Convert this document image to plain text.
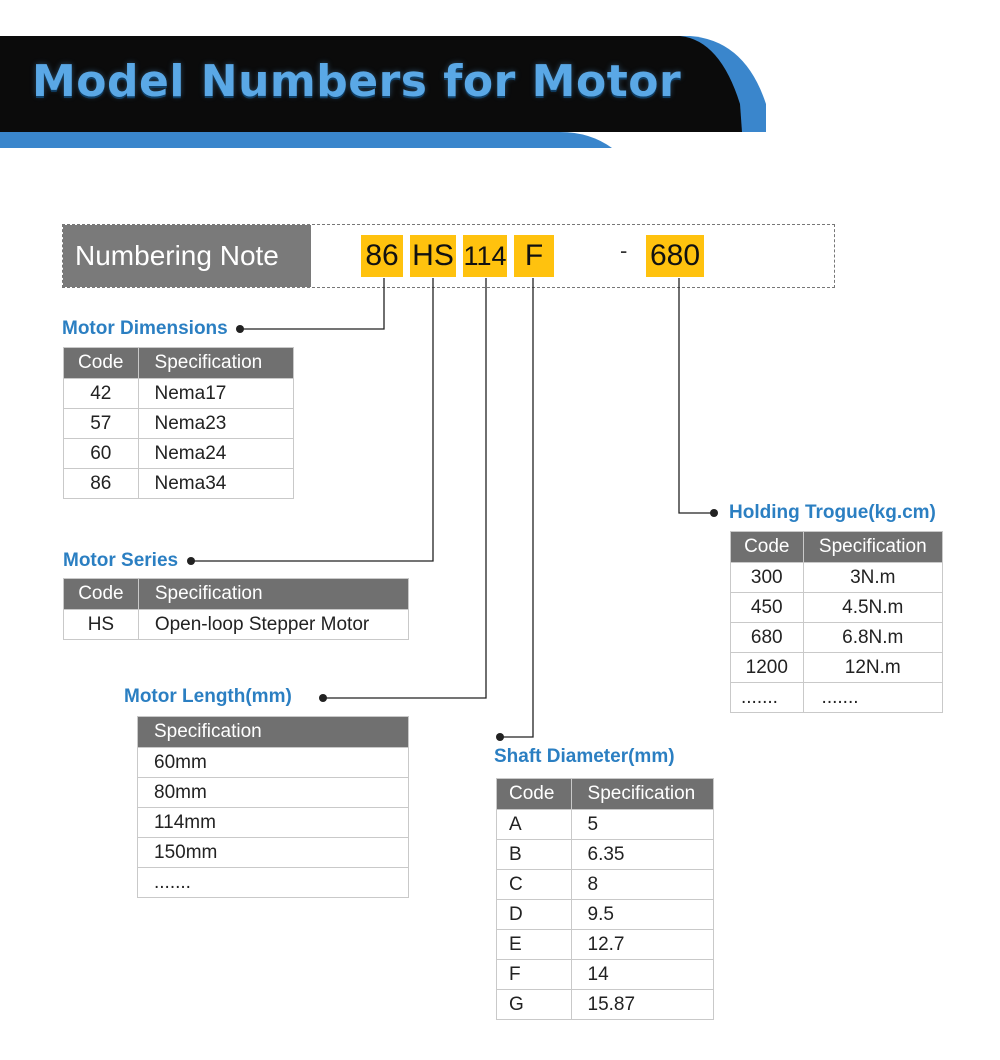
Model Numbers for Motor
Numbering Note	86 HS 114 F	- 680
Motor Dimensions
Code	Specification
42	Nema17
57	Nema23
60	Nema24
86	Nema34
Motor Series
Code	Specification
HS	Open-loop Stepper Motor
Motor Length(mm)
Specification
60mm
80mm
114mm
150mm
.......
Shaft Diameter(mm)
Code	Specification
A	5
B	6.35
C	8
D	9.5
E	12.7
F	14
G	15.87
Holding Trogue(kg.cm)
Code	Specification
300	3N.m
450	4.5N.m
680	6.8N.m
1200	12N.m
.......	.......
